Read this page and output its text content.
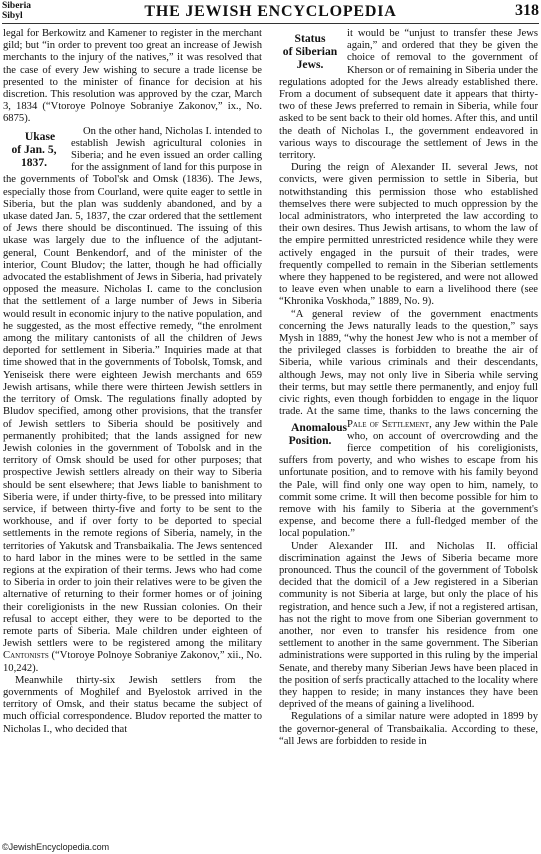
Siberia
Sibyl	THE JEWISH ENCYCLOPEDIA	318

legal for Berkowitz and Kamener to register in the merchant gild; but “in order to prevent too great an increase of Jewish merchants to the injury of the natives,” it was resolved that the case of every Jew wishing to secure a trade license be presented to the minister of finance for decision at his discretion. This resolution was approved by the czar, March 3, 1834 (“Vtoroye Polnoye Sobraniye Zakonov,” ix., No. 6875).

Ukase
of Jan. 5,
1837.
On the other hand, Nicholas I. intended to establish Jewish agricultural colonies in Siberia; and he even issued an order calling for the assignment of land for this purpose in the governments of Tobol'sk and Omsk (1836). The Jews, especially those from Courland, were quite eager to settle in Siberia, but the plan was suddenly abandoned, and by a ukase dated Jan. 5, 1837, the czar ordered that the settlement of Jews there should be discontinued. The issuing of this ukase was largely due to the influence of the adjutant-general, Count Benkendorf, and of the minister of the interior, Count Bludov; the latter, though he had officially advocated the establishment of Jews in Siberia, had privately opposed the measure. Nicholas I. came to the conclusion that the settlement of a large number of Jews in Siberia would result in economic injury to the native population, and he suggested, as the most effective remedy, “the enrolment among the military cantonists of all the children of Jews deported for settlement in Siberia.” Inquiries made at that time showed that in the governments of Tobolsk, Tomsk, and Yeniseisk there were eighteen Jewish merchants and 659 Jewish artisans, while there were thirteen Jewish settlers in the territory of Omsk. The regulations finally adopted by Bludov specified, among other provisions, that the transfer of Jewish settlers to Siberia should be positively and permanently prohibited; that the lands assigned for new Jewish colonies in the government of Tobolsk and in the territory of Omsk should be used for other purposes; that prospective Jewish settlers already on their way to Siberia should be sent elsewhere; that Jews liable to banishment to Siberia were, if under thirty-five, to be pressed into military service, if between thirty-five and forty to be sent to the workhouse, and if over forty to be deported to special settlements in the remote regions of Siberia, namely, in the territories of Yakutsk and Transbaikalia. The Jews sentenced to hard labor in the mines were to be settled in the same regions at the expiration of their terms. Jews who had come to Siberia in order to join their relatives were to be given the alternative of returning to their former homes or of joining their coreligionists in the new Russian colonies. On their refusal to accept either, they were to be deported to the remote parts of Siberia. Male children under eighteen of Jewish settlers were to be registered among the military Cantonists (“Vtoroye Polnoye Sobraniye Zakonov,” xii., No. 10,242).

Meanwhile thirty-six Jewish settlers from the governments of Moghilef and Byelostok arrived in the territory of Omsk, and their status became the subject of much official correspondence. Bludov reported the matter to Nicholas I., who decided that

Status
of Siberian
Jews.
it would be “unjust to transfer these Jews again,” and ordered that they be given the choice of removal to the government of Kherson or of remaining in Siberia under the regulations adopted for the Jews already established there. From a document of subsequent date it appears that thirty-two of these Jews preferred to remain in Siberia, while four asked to be sent back to their old homes. After this, and until the death of Nicholas I., the government endeavored in various ways to discourage the settlement of Jews in the territory.

During the reign of Alexander II. several Jews, not convicts, were given permission to settle in Siberia, but notwithstanding this permission those who established themselves there were subjected to much oppression by the local administrators, who interpreted the law according to their own desires. Thus Jewish artisans, to whom the law of the empire permitted unrestricted residence while they were actively engaged in the pursuit of their trades, were frequently compelled to remain in the Siberian settlements where they happened to be registered, and were not allowed to leave even when unable to earn a livelihood there (see “Khronika Voskhoda,” 1889, No. 9).

“A general review of the government enactments concerning the Jews naturally leads to the question,” says Mysh in 1889, “why the honest Jew who is not a member of the privileged classes is forbidden to breathe the air of Siberia, while various criminals and their descendants, although Jews, may not only live in Siberia while serving their terms, but may settle there permanently, and enjoy full civic rights, even though forbidden to engage in the liquor trade. At the same time, thanks to the laws concerning the Pale of Settlement
Anomalous
Position.
, any Jew within the Pale who, on account of overcrowding and the fierce competition of his coreligionists, suffers from poverty, and who wishes to escape from his unfortunate position, and to remove with his family beyond the Pale, will find only one way open to him, namely, to commit some crime. It will then become possible for him to remove with his family to Siberia at the government's expense, and become there a full-fledged member of the local population.”

Under Alexander III. and Nicholas II. official discrimination against the Jews of Siberia became more pronounced. Thus the council of the government of Tobolsk decided that the domicil of a Jew registered in a Siberian community is not Siberia at large, but only the place of his registration, and hence such a Jew, if not a registered artisan, has not the right to move from one Siberian government to another, nor even to transfer his residence from one settlement to another in the same government. The Siberian administrations were supported in this ruling by the imperial Senate, and thereby many Siberian Jews have been placed in the position of serfs practically attached to the locality where they happen to reside; in many instances they have been deprived of the means of gaining a livelihood.

Regulations of a similar nature were adopted in 1899 by the governor-general of Transbaikalia. According to these, “all Jews are forbidden to reside in

©JewishEncyclopedia.com
